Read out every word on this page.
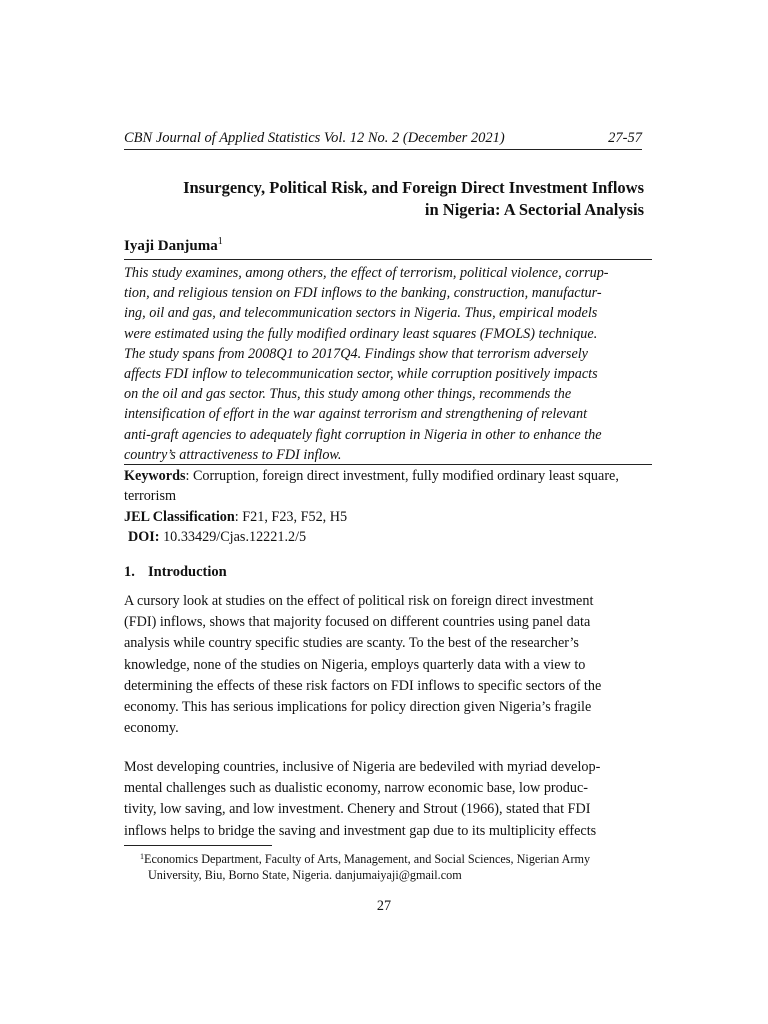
CBN Journal of Applied Statistics Vol. 12 No. 2 (December 2021)	27-57
Insurgency, Political Risk, and Foreign Direct Investment Inflows
in Nigeria: A Sectorial Analysis
Iyaji Danjuma$^1$
This study examines, among others, the effect of terrorism, political violence, corrup-
tion, and religious tension on FDI inflows to the banking, construction, manufactur-
ing, oil and gas, and telecommunication sectors in Nigeria. Thus, empirical models
were estimated using the fully modified ordinary least squares (FMOLS) technique.
The study spans from 2008Q1 to 2017Q4. Findings show that terrorism adversely
affects FDI inflow to telecommunication sector, while corruption positively impacts
on the oil and gas sector. Thus, this study among other things, recommends the
intensification of effort in the war against terrorism and strengthening of relevant
anti-graft agencies to adequately fight corruption in Nigeria in other to enhance the
country’s attractiveness to FDI inflow.
Keywords: Corruption, foreign direct investment, fully modified ordinary least square,
terrorism
JEL Classification: F21, F23, F52, H5
DOI: 10.33429/Cjas.12221.2/5
1. Introduction
A cursory look at studies on the effect of political risk on foreign direct investment
(FDI) inflows, shows that majority focused on different countries using panel data
analysis while country specific studies are scanty. To the best of the researcher’s
knowledge, none of the studies on Nigeria, employs quarterly data with a view to
determining the effects of these risk factors on FDI inflows to specific sectors of the
economy. This has serious implications for policy direction given Nigeria’s fragile
economy.
Most developing countries, inclusive of Nigeria are bedeviled with myriad develop-
mental challenges such as dualistic economy, narrow economic base, low produc-
tivity, low saving, and low investment. Chenery and Strout (1966), stated that FDI
inflows helps to bridge the saving and investment gap due to its multiplicity effects
$^1$Economics Department, Faculty of Arts, Management, and Social Sciences, Nigerian Army
University, Biu, Borno State, Nigeria. danjumaiyaji@gmail.com
27
